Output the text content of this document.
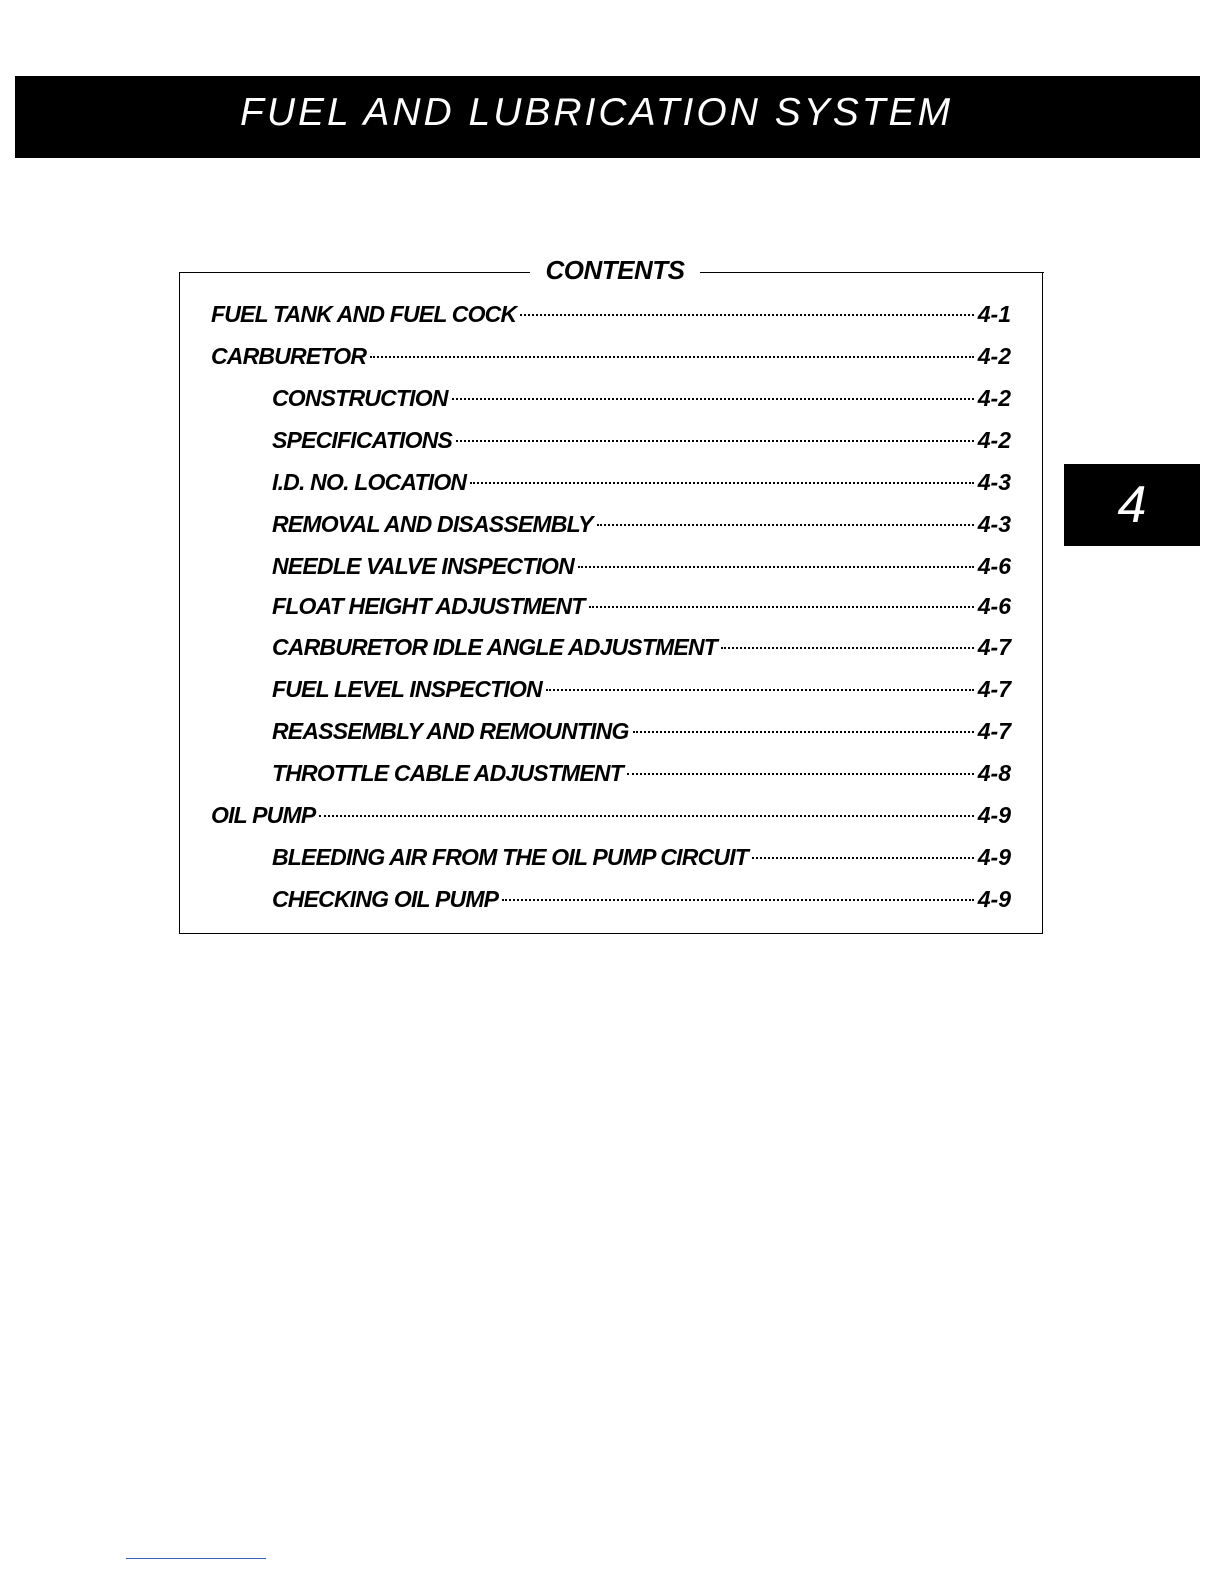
FUEL AND LUBRICATION SYSTEM
4
CONTENTS
FUEL TANK AND FUEL COCK	4-1
CARBURETOR	4-2
CONSTRUCTION	4-2
SPECIFICATIONS	4-2
I.D. NO. LOCATION	4-3
REMOVAL AND DISASSEMBLY	4-3
NEEDLE VALVE INSPECTION	4-6
FLOAT HEIGHT ADJUSTMENT	4-6
CARBURETOR IDLE ANGLE ADJUSTMENT	4-7
FUEL LEVEL INSPECTION	4-7
REASSEMBLY AND REMOUNTING	4-7
THROTTLE CABLE ADJUSTMENT	4-8
OIL PUMP	4-9
BLEEDING AIR FROM THE OIL PUMP CIRCUIT	4-9
CHECKING OIL PUMP	4-9
